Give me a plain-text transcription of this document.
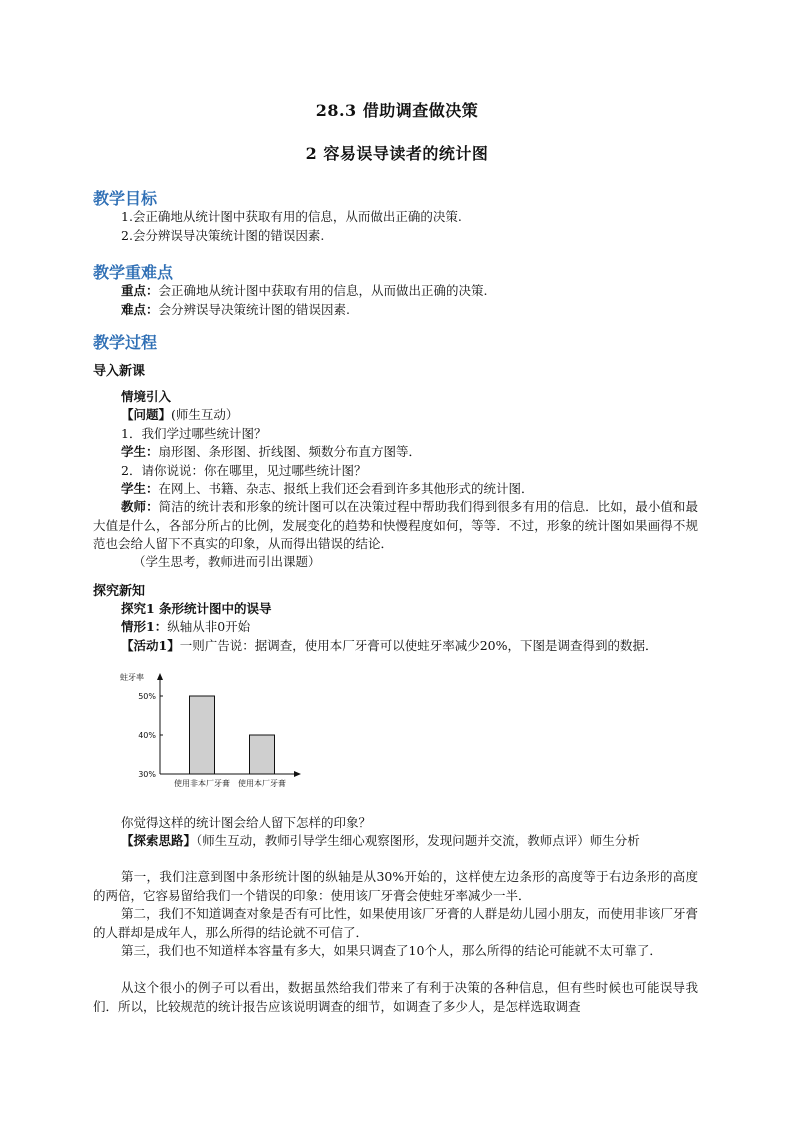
28.3 借助调查做决策
2 容易误导读者的统计图
教学目标
1.会正确地从统计图中获取有用的信息，从而做出正确的决策.
2.会分辨误导决策统计图的错误因素.
教学重难点
重点：会正确地从统计图中获取有用的信息，从而做出正确的决策.
难点：会分辨误导决策统计图的错误因素.
教学过程
导入新课
情境引入
【问题】(师生互动）
1．我们学过哪些统计图？
学生：扇形图、条形图、折线图、频数分布直方图等．
2．请你说说：你在哪里，见过哪些统计图？
学生：在网上、书籍、杂志、报纸上我们还会看到许多其他形式的统计图．
教师：简洁的统计表和形象的统计图可以在决策过程中帮助我们得到很多有用的信息．比如，最小值和最大值是什么，各部分所占的比例，发展变化的趋势和快慢程度如何，等等．不过，形象的统计图如果画得不规范也会给人留下不真实的印象，从而得出错误的结论．
（学生思考，教师进而引出课题）
探究新知
探究1 条形统计图中的误导
情形1：纵轴从非0开始
【活动1】一则广告说：据调查，使用本厂牙膏可以使蛀牙率减少20%，下图是调查得到的数据．
蛀牙率
50%
40%
30%
使用非本厂牙膏 使用本厂牙膏
你觉得这样的统计图会给人留下怎样的印象？
【探索思路】（师生互动，教师引导学生细心观察图形，发现问题并交流，教师点评）师生分析
第一，我们注意到图中条形统计图的纵轴是从30%开始的，这样使左边条形的高度等于右边条形的高度的两倍，它容易留给我们一个错误的印象：使用该厂牙膏会使蛀牙率减少一半．
第二，我们不知道调查对象是否有可比性，如果使用该厂牙膏的人群是幼儿园小朋友，而使用非该厂牙膏的人群却是成年人，那么所得的结论就不可信了．
第三，我们也不知道样本容量有多大，如果只调查了10个人，那么所得的结论可能就不太可靠了．
从这个很小的例子可以看出，数据虽然给我们带来了有利于决策的各种信息，但有些时候也可能误导我们．所以，比较规范的统计报告应该说明调查的细节，如调查了多少人，是怎样选取调查
